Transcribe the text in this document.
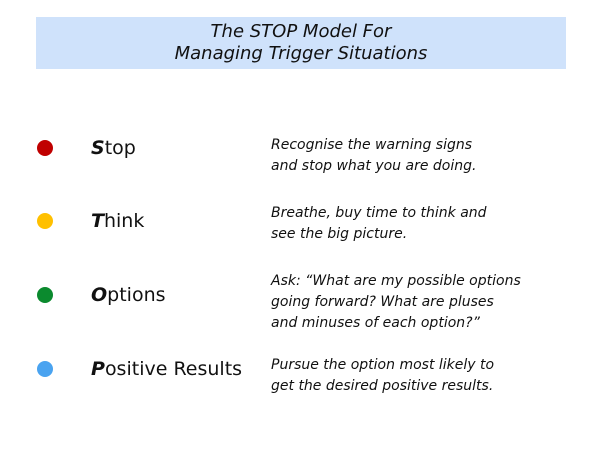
The STOP Model For
Managing Trigger Situations
Stop	Recognise the warning signs
and stop what you are doing.
Think	Breathe, buy time to think and
see the big picture.
Options
Ask: “What are my possible options
going forward? What are pluses
and minuses of each option?”
Positive Results Pursue the option most likely to
get the desired positive results.
